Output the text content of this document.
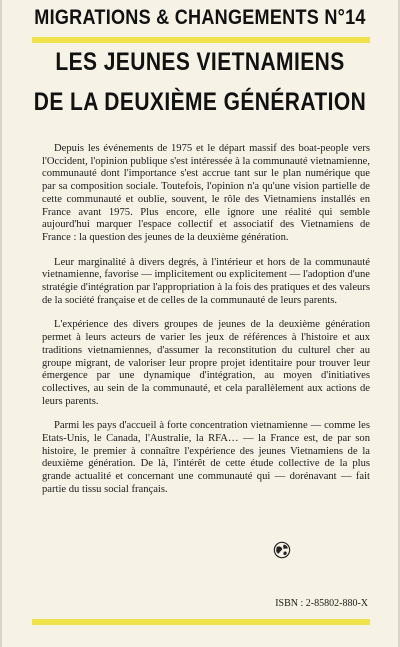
MIGRATIONS & CHANGEMENTS N°14
LES JEUNES VIETNAMIENS
DE LA DEUXIÈME GÉNÉRATION

Depuis les événements de 1975 et le départ massif des boat-people vers l'Occident, l'opinion publique s'est intéressée à la communauté vietnamienne, communauté dont l'importance s'est accrue tant sur le plan numérique que par sa composition sociale. Toutefois, l'opinion n'a qu'une vision partielle de cette communauté et oublie, souvent, le rôle des Vietnamiens installés en France avant 1975. Plus encore, elle ignore une réalité qui semble aujourd'hui marquer l'espace collectif et associatif des Vietnamiens de France : la question des jeunes de la deuxième génération.

Leur marginalité à divers degrés, à l'intérieur et hors de la communauté vietnamienne, favorise — implicitement ou explicitement — l'adoption d'une stratégie d'intégration par l'appropriation à la fois des pratiques et des valeurs de la société française et de celles de la communauté de leurs parents.

L'expérience des divers groupes de jeunes de la deuxième génération permet à leurs acteurs de varier les jeux de références à l'histoire et aux traditions vietnamiennes, d'assumer la reconstitution du culturel cher au groupe migrant, de valoriser leur propre projet identitaire pour trouver leur émergence par une dynamique d'intégration, au moyen d'initiatives collectives, au sein de la communauté, et cela parallèlement aux actions de leurs parents.

Parmi les pays d'accueil à forte concentration vietnamienne — comme les Etats-Unis, le Canada, l'Australie, la RFA… — la France est, de par son histoire, le premier à connaître l'expérience des jeunes Vietnamiens de la deuxième génération. De là, l'intérêt de cette étude collective de la plus grande actualité et concernant une communauté qui — dorénavant — fait partie du tissu social français.

ISBN : 2-85802-880-X
